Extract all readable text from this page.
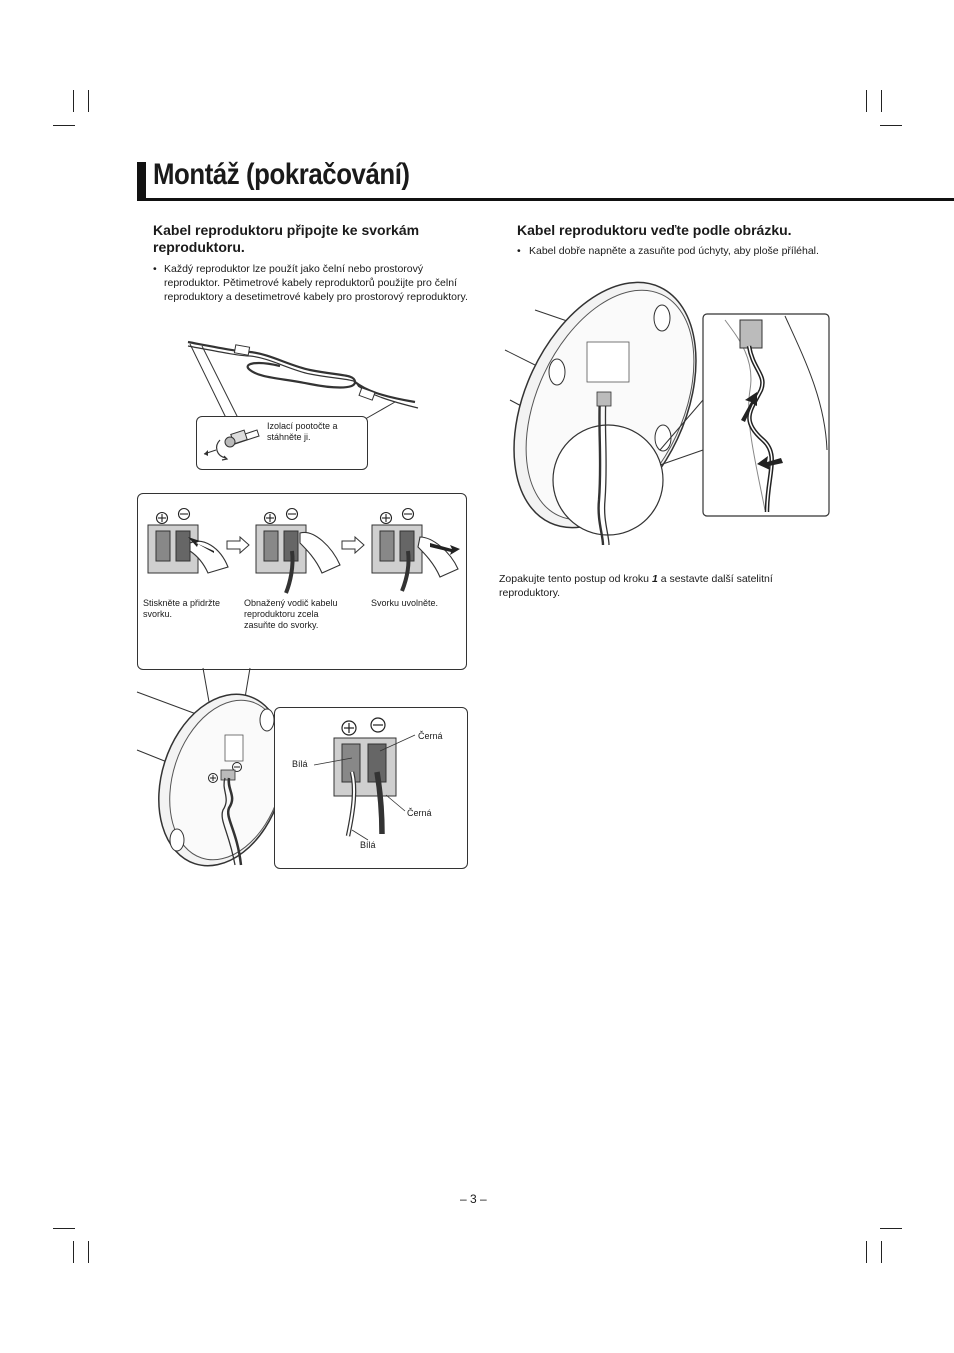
Montáž (pokračování)
Kabel reproduktoru připojte ke svorkám reproduktoru.
• Každý reproduktor lze použít jako čelní nebo prostorový reproduktor. Pětimetrové kabely reproduktorů použijte pro čelní reproduktory a desetimetrové kabely pro prostorový reproduktory.
Izolací pootočte a stáhněte ji.
Stiskněte a přidržte svorku.
Obnažený vodič kabelu reproduktoru zcela zasuňte do svorky.
Svorku uvolněte.
Černá
Bílá
Černá
Bílá
Kabel reproduktoru veďte podle obrázku.
• Kabel dobře napněte a zasuňte pod úchyty, aby ploše příléhal.
Zopakujte tento postup od kroku 1 a sestavte další satelitní reproduktory.
– 3 –
